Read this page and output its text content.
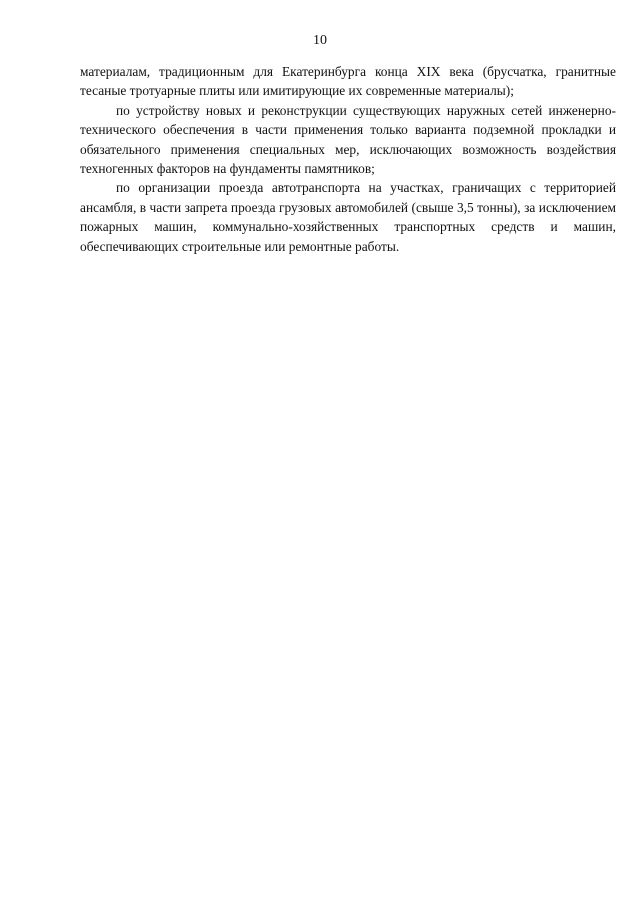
10

материалам, традиционным для Екатеринбурга конца XIX века (брусчатка, гранитные тесаные тротуарные плиты или имитирующие их современные материалы);

по устройству новых и реконструкции существующих наружных сетей инженерно-технического обеспечения в части применения только варианта подземной прокладки и обязательного применения специальных мер, исключающих возможность воздействия техногенных факторов на фундаменты памятников;

по организации проезда автотранспорта на участках, граничащих с территорией ансамбля, в части запрета проезда грузовых автомобилей (свыше 3,5 тонны), за исключением пожарных машин, коммунально-хозяйственных транспортных средств и машин, обеспечивающих строительные или ремонтные работы.
